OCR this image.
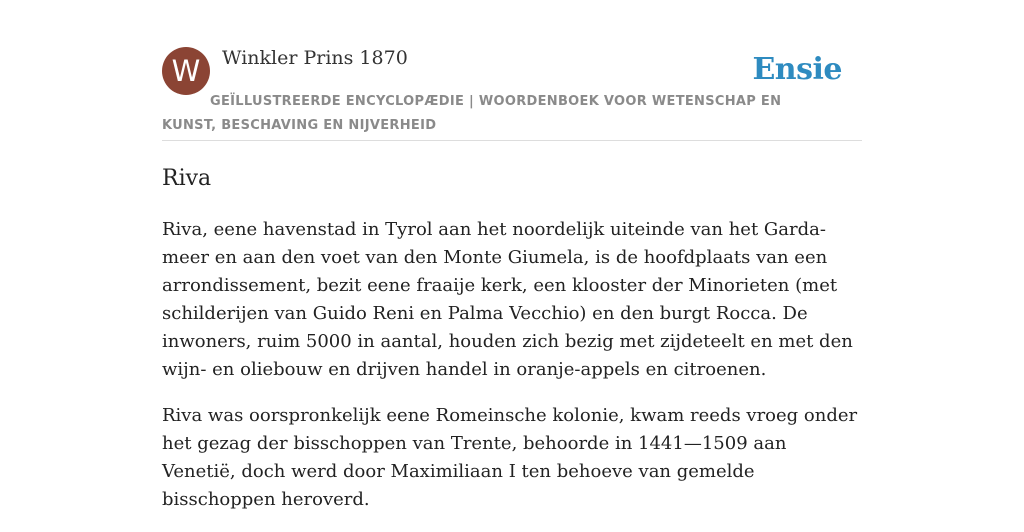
W	Winkler Prins 1870	Ensie
GEÏLLUSTREERDE ENCYCLOPÆDIE | WOORDENBOEK VOOR WETENSCHAP EN KUNST, BESCHAVING EN NIJVERHEID
Riva

Riva, eene havenstad in Tyrol aan het noordelijk uiteinde van het Garda-meer en aan den voet van den Monte Giumela, is de hoofdplaats van een arrondissement, bezit eene fraaije kerk, een klooster der Minorieten (met schilderijen van Guido Reni en Palma Vecchio) en den burgt Rocca. De inwoners, ruim 5000 in aantal, houden zich bezig met zijdeteelt en met den wijn- en oliebouw en drijven handel in oranje-appels en citroenen.

Riva was oorspronkelijk eene Romeinsche kolonie, kwam reeds vroeg onder het gezag der bisschoppen van Trente, behoorde in 1441—1509 aan Venetië, doch werd door Maximiliaan I ten behoeve van gemelde bisschoppen heroverd.
